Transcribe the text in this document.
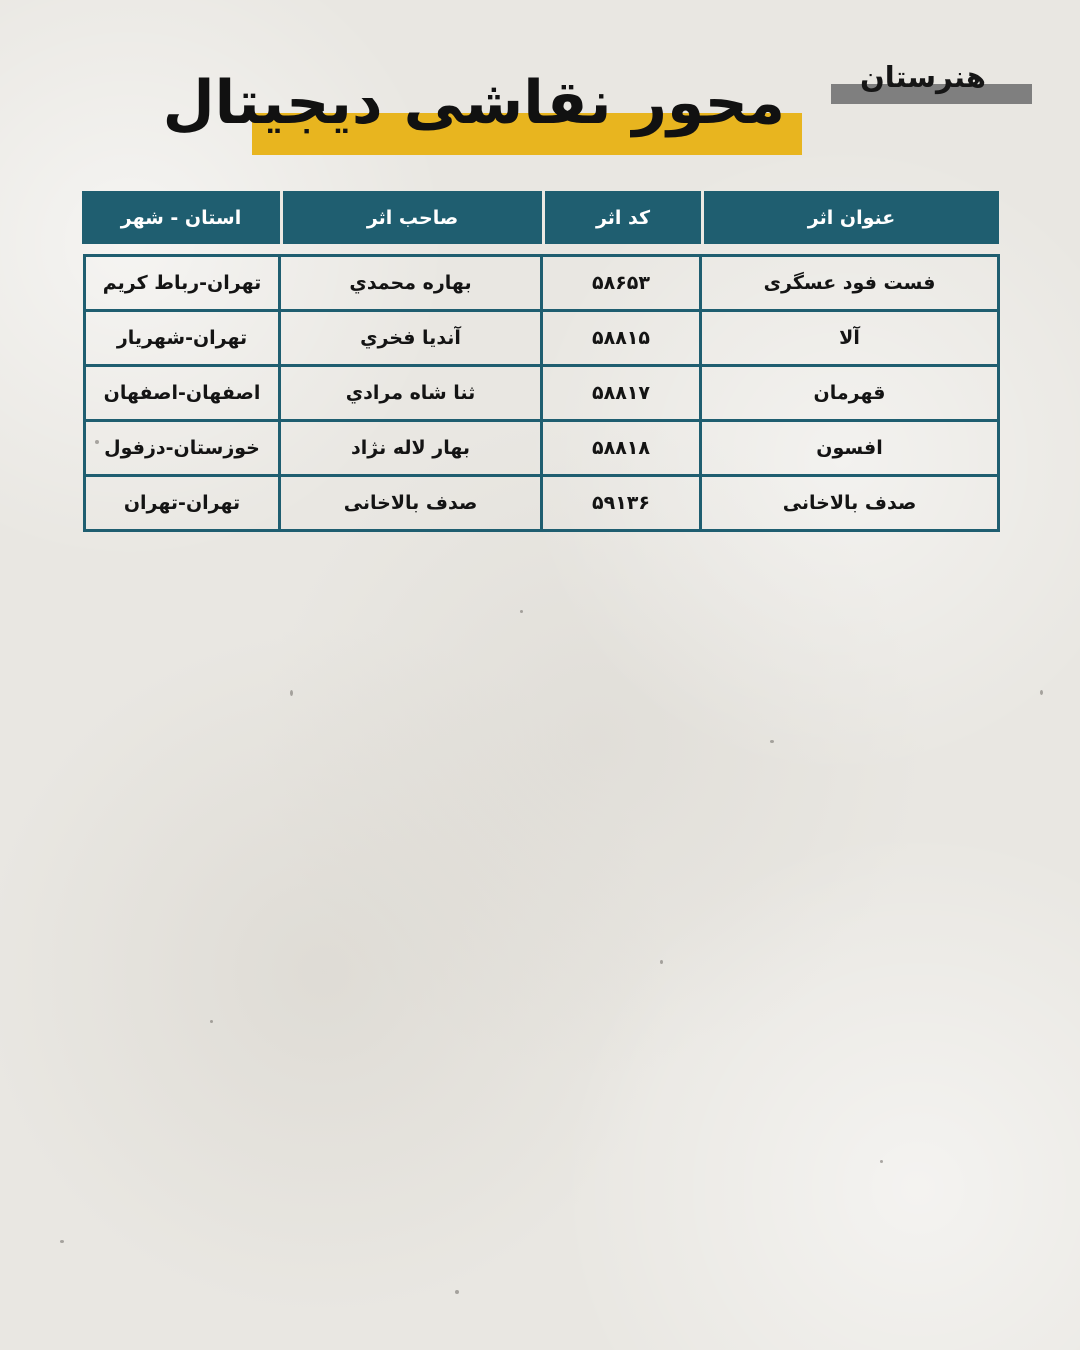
هنرستان
محور نقاشی دیجیتال
عنوان اثر
کد اثر
صاحب اثر
استان - شهر
فست فود عسگری
۵۸۶۵۳
بهاره محمدي
تهران-رباط کریم
آلا
۵۸۸۱۵
آندیا فخري
تهران-شهریار
قهرمان
۵۸۸۱۷
ثنا شاه مرادي
اصفهان-اصفهان
افسون
۵۸۸۱۸
بهار لاله نژاد
خوزستان-دزفول
صدف بالاخانی
۵۹۱۳۶
صدف بالاخانی
تهران-تهران
